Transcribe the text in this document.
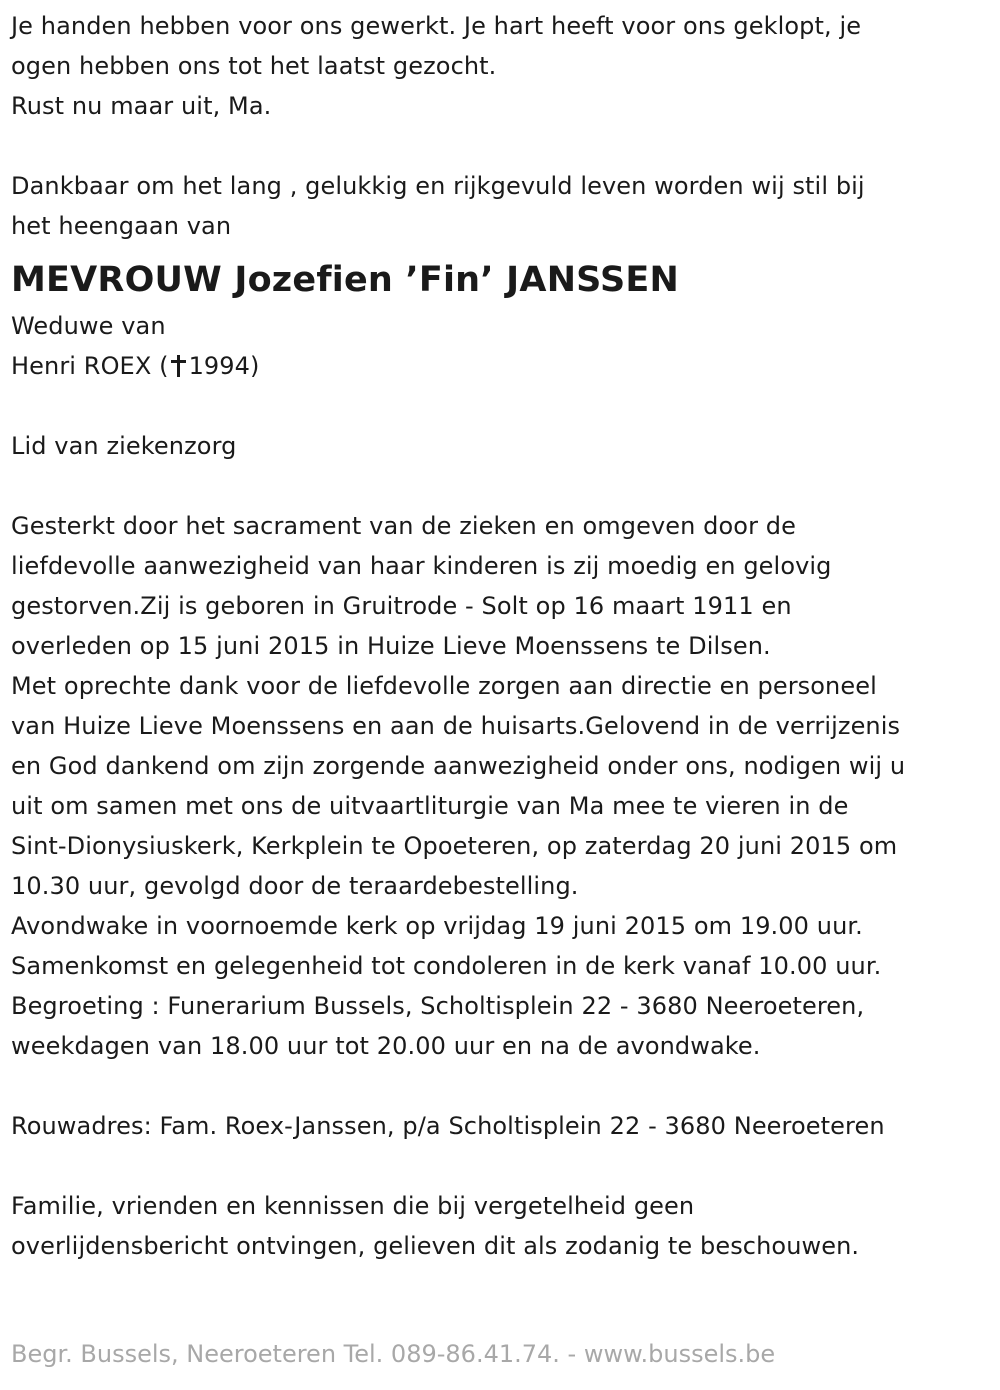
Je handen hebben voor ons gewerkt. Je hart heeft voor ons geklopt, je
ogen hebben ons tot het laatst gezocht.
Rust nu maar uit, Ma.

Dankbaar om het lang , gelukkig en rijkgevuld leven worden wij stil bij
het heengaan van

MEVROUW Jozefien ’Fin’ JANSSEN

Weduwe van
Henri ROEX ( 1994)

Lid van ziekenzorg

Gesterkt door het sacrament van de zieken en omgeven door de
liefdevolle aanwezigheid van haar kinderen is zij moedig en gelovig
gestorven.Zij is geboren in Gruitrode - Solt op 16 maart 1911 en
overleden op 15 juni 2015 in Huize Lieve Moenssens te Dilsen.
Met oprechte dank voor de liefdevolle zorgen aan directie en personeel
van Huize Lieve Moenssens en aan de huisarts.Gelovend in de verrijzenis
en God dankend om zijn zorgende aanwezigheid onder ons, nodigen wij u
uit om samen met ons de uitvaartliturgie van Ma mee te vieren in de
Sint-Dionysiuskerk, Kerkplein te Opoeteren, op zaterdag 20 juni 2015 om
10.30 uur, gevolgd door de teraardebestelling.
Avondwake in voornoemde kerk op vrijdag 19 juni 2015 om 19.00 uur.
Samenkomst en gelegenheid tot condoleren in de kerk vanaf 10.00 uur.
Begroeting : Funerarium Bussels, Scholtisplein 22 - 3680 Neeroeteren,
weekdagen van 18.00 uur tot 20.00 uur en na de avondwake.

Rouwadres: Fam. Roex-Janssen, p/a Scholtisplein 22 - 3680 Neeroeteren

Familie, vrienden en kennissen die bij vergetelheid geen
overlijdensbericht ontvingen, gelieven dit als zodanig te beschouwen.

Begr. Bussels, Neeroeteren Tel. 089-86.41.74. - www.bussels.be
